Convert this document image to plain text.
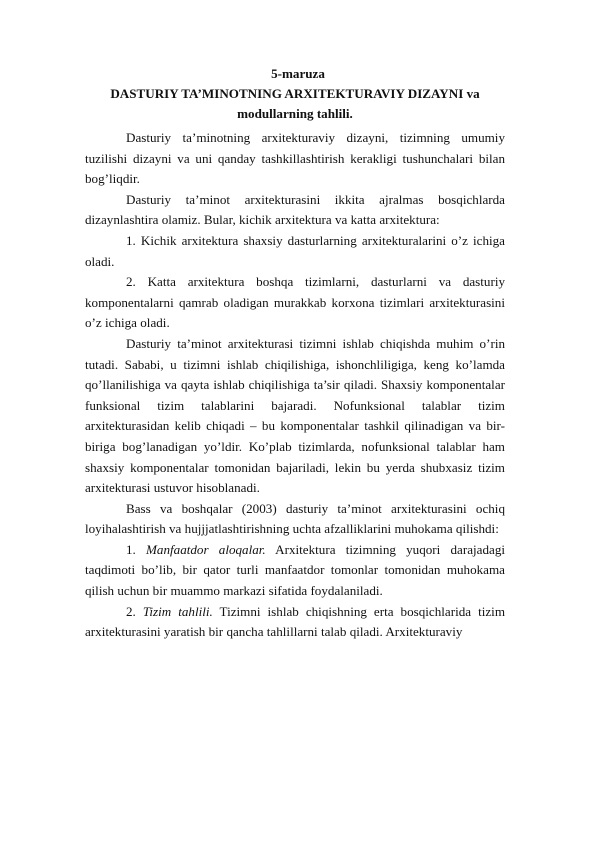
5-maruza
DASTURIY TA’MINOTNING ARXITEKTURAVIY DIZAYNI va
modullarning tahlili.

Dasturiy ta’minotning arxitekturaviy dizayni, tizimning umumiy tuzilishi dizayni va uni qanday tashkillashtirish kerakligi tushunchalari bilan bog’liqdir.

Dasturiy ta’minot arxitekturasini ikkita ajralmas bosqichlarda dizaynlashtira olamiz. Bular, kichik arxitektura va katta arxitektura:

1. Kichik arxitektura shaxsiy dasturlarning arxitekturalarini o’z ichiga oladi.

2. Katta arxitektura boshqa tizimlarni, dasturlarni va dasturiy komponentalarni qamrab oladigan murakkab korxona tizimlari arxitekturasini o’z ichiga oladi.

Dasturiy ta’minot arxitekturasi tizimni ishlab chiqishda muhim o’rin tutadi. Sababi, u tizimni ishlab chiqilishiga, ishonchliligiga, keng ko’lamda qo’llanilishiga va qayta ishlab chiqilishiga ta’sir qiladi. Shaxsiy komponentalar funksional tizim talablarini bajaradi. Nofunksional talablar tizim arxitekturasidan kelib chiqadi – bu komponentalar tashkil qilinadigan va bir-biriga bog’lanadigan yo’ldir. Ko’plab tizimlarda, nofunksional talablar ham shaxsiy komponentalar tomonidan bajariladi, lekin bu yerda shubxasiz tizim arxitekturasi ustuvor hisoblanadi.

Bass va boshqalar (2003) dasturiy ta’minot arxitekturasini ochiq loyihalashtirish va hujjjatlashtirishning uchta afzalliklarini muhokama qilishdi:

1. Manfaatdor aloqalar. Arxitektura tizimning yuqori darajadagi taqdimoti bo’lib, bir qator turli manfaatdor tomonlar tomonidan muhokama qilish uchun bir muammo markazi sifatida foydalaniladi.

2. Tizim tahlili. Tizimni ishlab chiqishning erta bosqichlarida tizim arxitekturasini yaratish bir qancha tahlillarni talab qiladi. Arxitekturaviy
